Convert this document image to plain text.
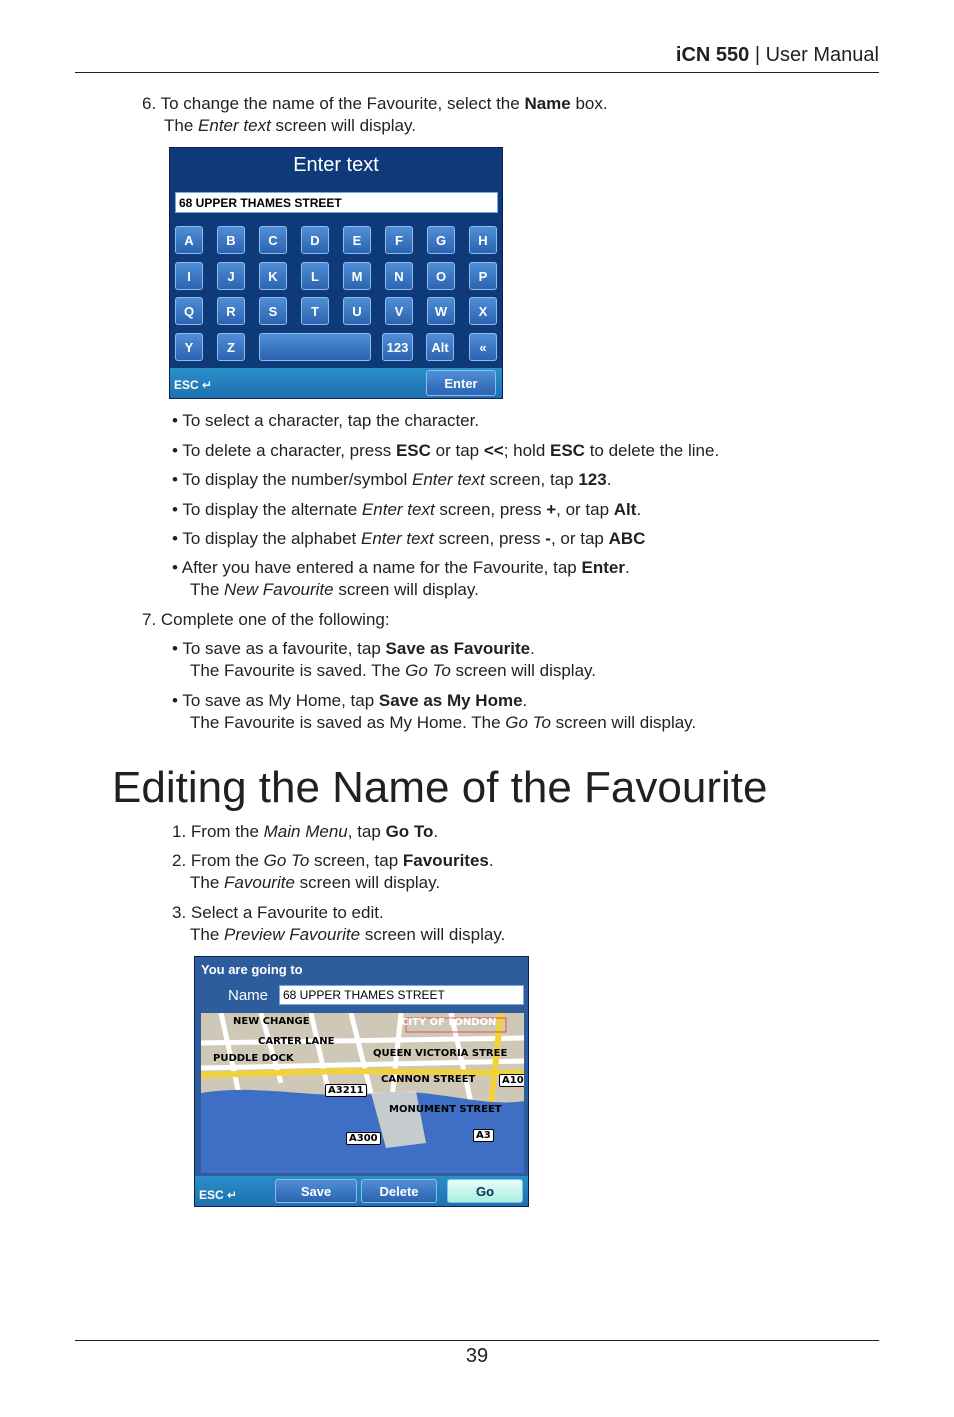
iCN 550 | User Manual
6. To change the name of the Favourite, select the Name box.
The Enter text screen will display.
Enter text
68 UPPER THAMES STREET
A	B	C	D	E	F	G	H
I	J	K	L	M	N	O	P
Q	R	S	T	U	V	W	X
Y	Z	123	Alt	«
ESC ↵	Enter
• To select a character, tap the character.
• To delete a character, press ESC or tap <<; hold ESC to delete the line.
• To display the number/symbol Enter text screen, tap 123.
• To display the alternate Enter text screen, press +, or tap Alt.
• To display the alphabet Enter text screen, press -, or tap ABC
• After you have entered a name for the Favourite, tap Enter.
The New Favourite screen will display.
7. Complete one of the following:
• To save as a favourite, tap Save as Favourite.
The Favourite is saved. The Go To screen will display.
• To save as My Home, tap Save as My Home.
The Favourite is saved as My Home. The Go To screen will display.
Editing the Name of the Favourite
1. From the Main Menu, tap Go To.
2. From the Go To screen, tap Favourites.
The Favourite screen will display.
3. Select a Favourite to edit.
The Preview Favourite screen will display.
You are going to
Name	68 UPPER THAMES STREET
NEW CHANGE
CARTER LANE
PUDDLE DOCK
CITY OF LONDON
QUEEN VICTORIA STREE
CANNON STREET	A10
A3211
MONUMENT STREET
A300	A3
ESC ↵	Save	Delete	Go
39
